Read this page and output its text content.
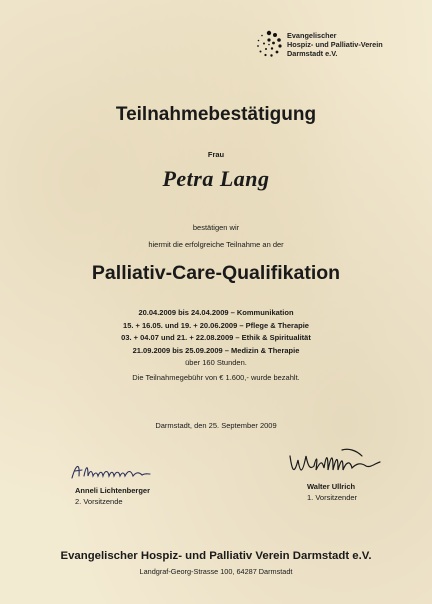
Evangelischer
Hospiz- und Palliativ-Verein
Darmstadt e.V.
Teilnahmebestätigung
Frau
Petra Lang
bestätigen wir
hiermit die erfolgreiche Teilnahme an der
Palliativ-Care-Qualifikation
20.04.2009 bis 24.04.2009 – Kommunikation
15. + 16.05. und 19. + 20.06.2009 – Pflege & Therapie
03. + 04.07 und 21. + 22.08.2009 – Ethik & Spiritualität
21.09.2009 bis 25.09.2009 – Medizin & Therapie
über 160 Stunden.
Die Teilnahmegebühr von € 1.600,- wurde bezahlt.
Darmstadt, den 25. September 2009
Anneli Lichtenberger
2. Vorsitzende
Walter Ullrich
1. Vorsitzender
Evangelischer Hospiz- und Palliativ Verein Darmstadt e.V.
Landgraf-Georg-Strasse 100, 64287 Darmstadt
